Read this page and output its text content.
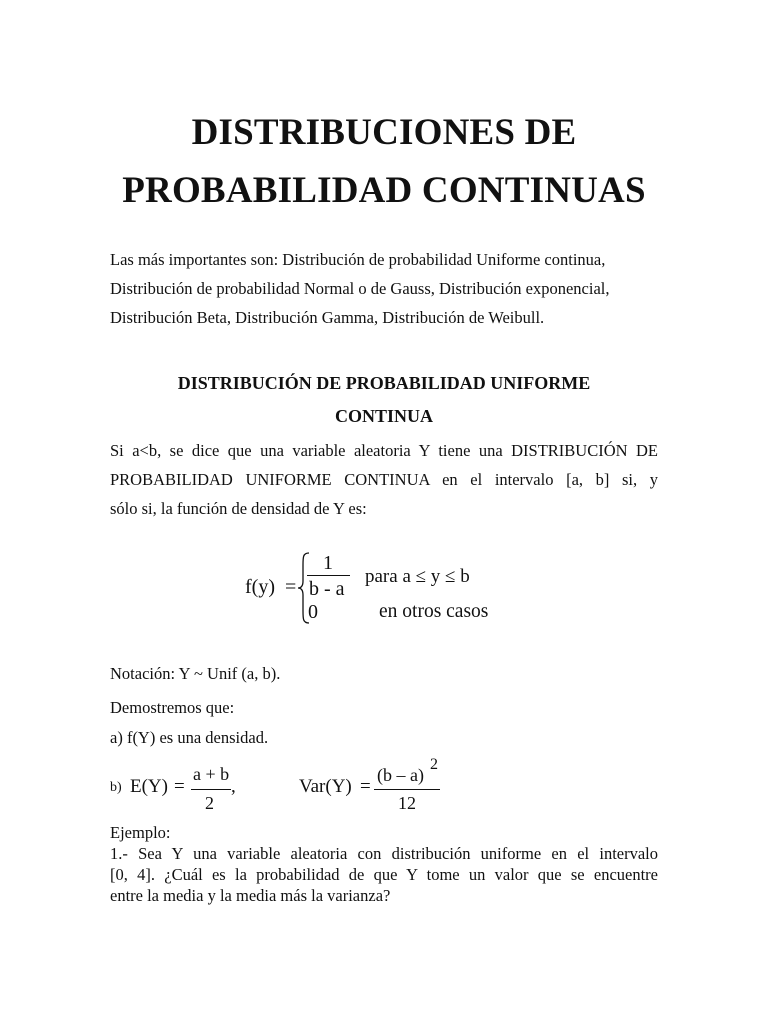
DISTRIBUCIONES DE
PROBABILIDAD CONTINUAS
Las más importantes son: Distribución de probabilidad Uniforme continua,
Distribución de probabilidad Normal o de Gauss, Distribución exponencial,
Distribución Beta, Distribución Gamma, Distribución de Weibull.
DISTRIBUCIÓN DE PROBABILIDAD UNIFORME
CONTINUA
Si a<b, se dice que una variable aleatoria Y tiene una DISTRIBUCIÓN DE
PROBABILIDAD UNIFORME CONTINUA en el intervalo [a, b] si, y
sólo si, la función de densidad de Y es:
f(y) =
1
b - a
para a ≤ y ≤ b
0	en otros casos
Notación: Y ~ Unif (a, b).
Demostremos que:
a) f(Y) es una densidad.
b) E(Y) =
a + b
2
,	Var(Y) =
(b – a)
2
12
Ejemplo:
1.- Sea Y una variable aleatoria con distribución uniforme en el intervalo
[0, 4]. ¿Cuál es la probabilidad de que Y tome un valor que se encuentre
entre la media y la media más la varianza?
